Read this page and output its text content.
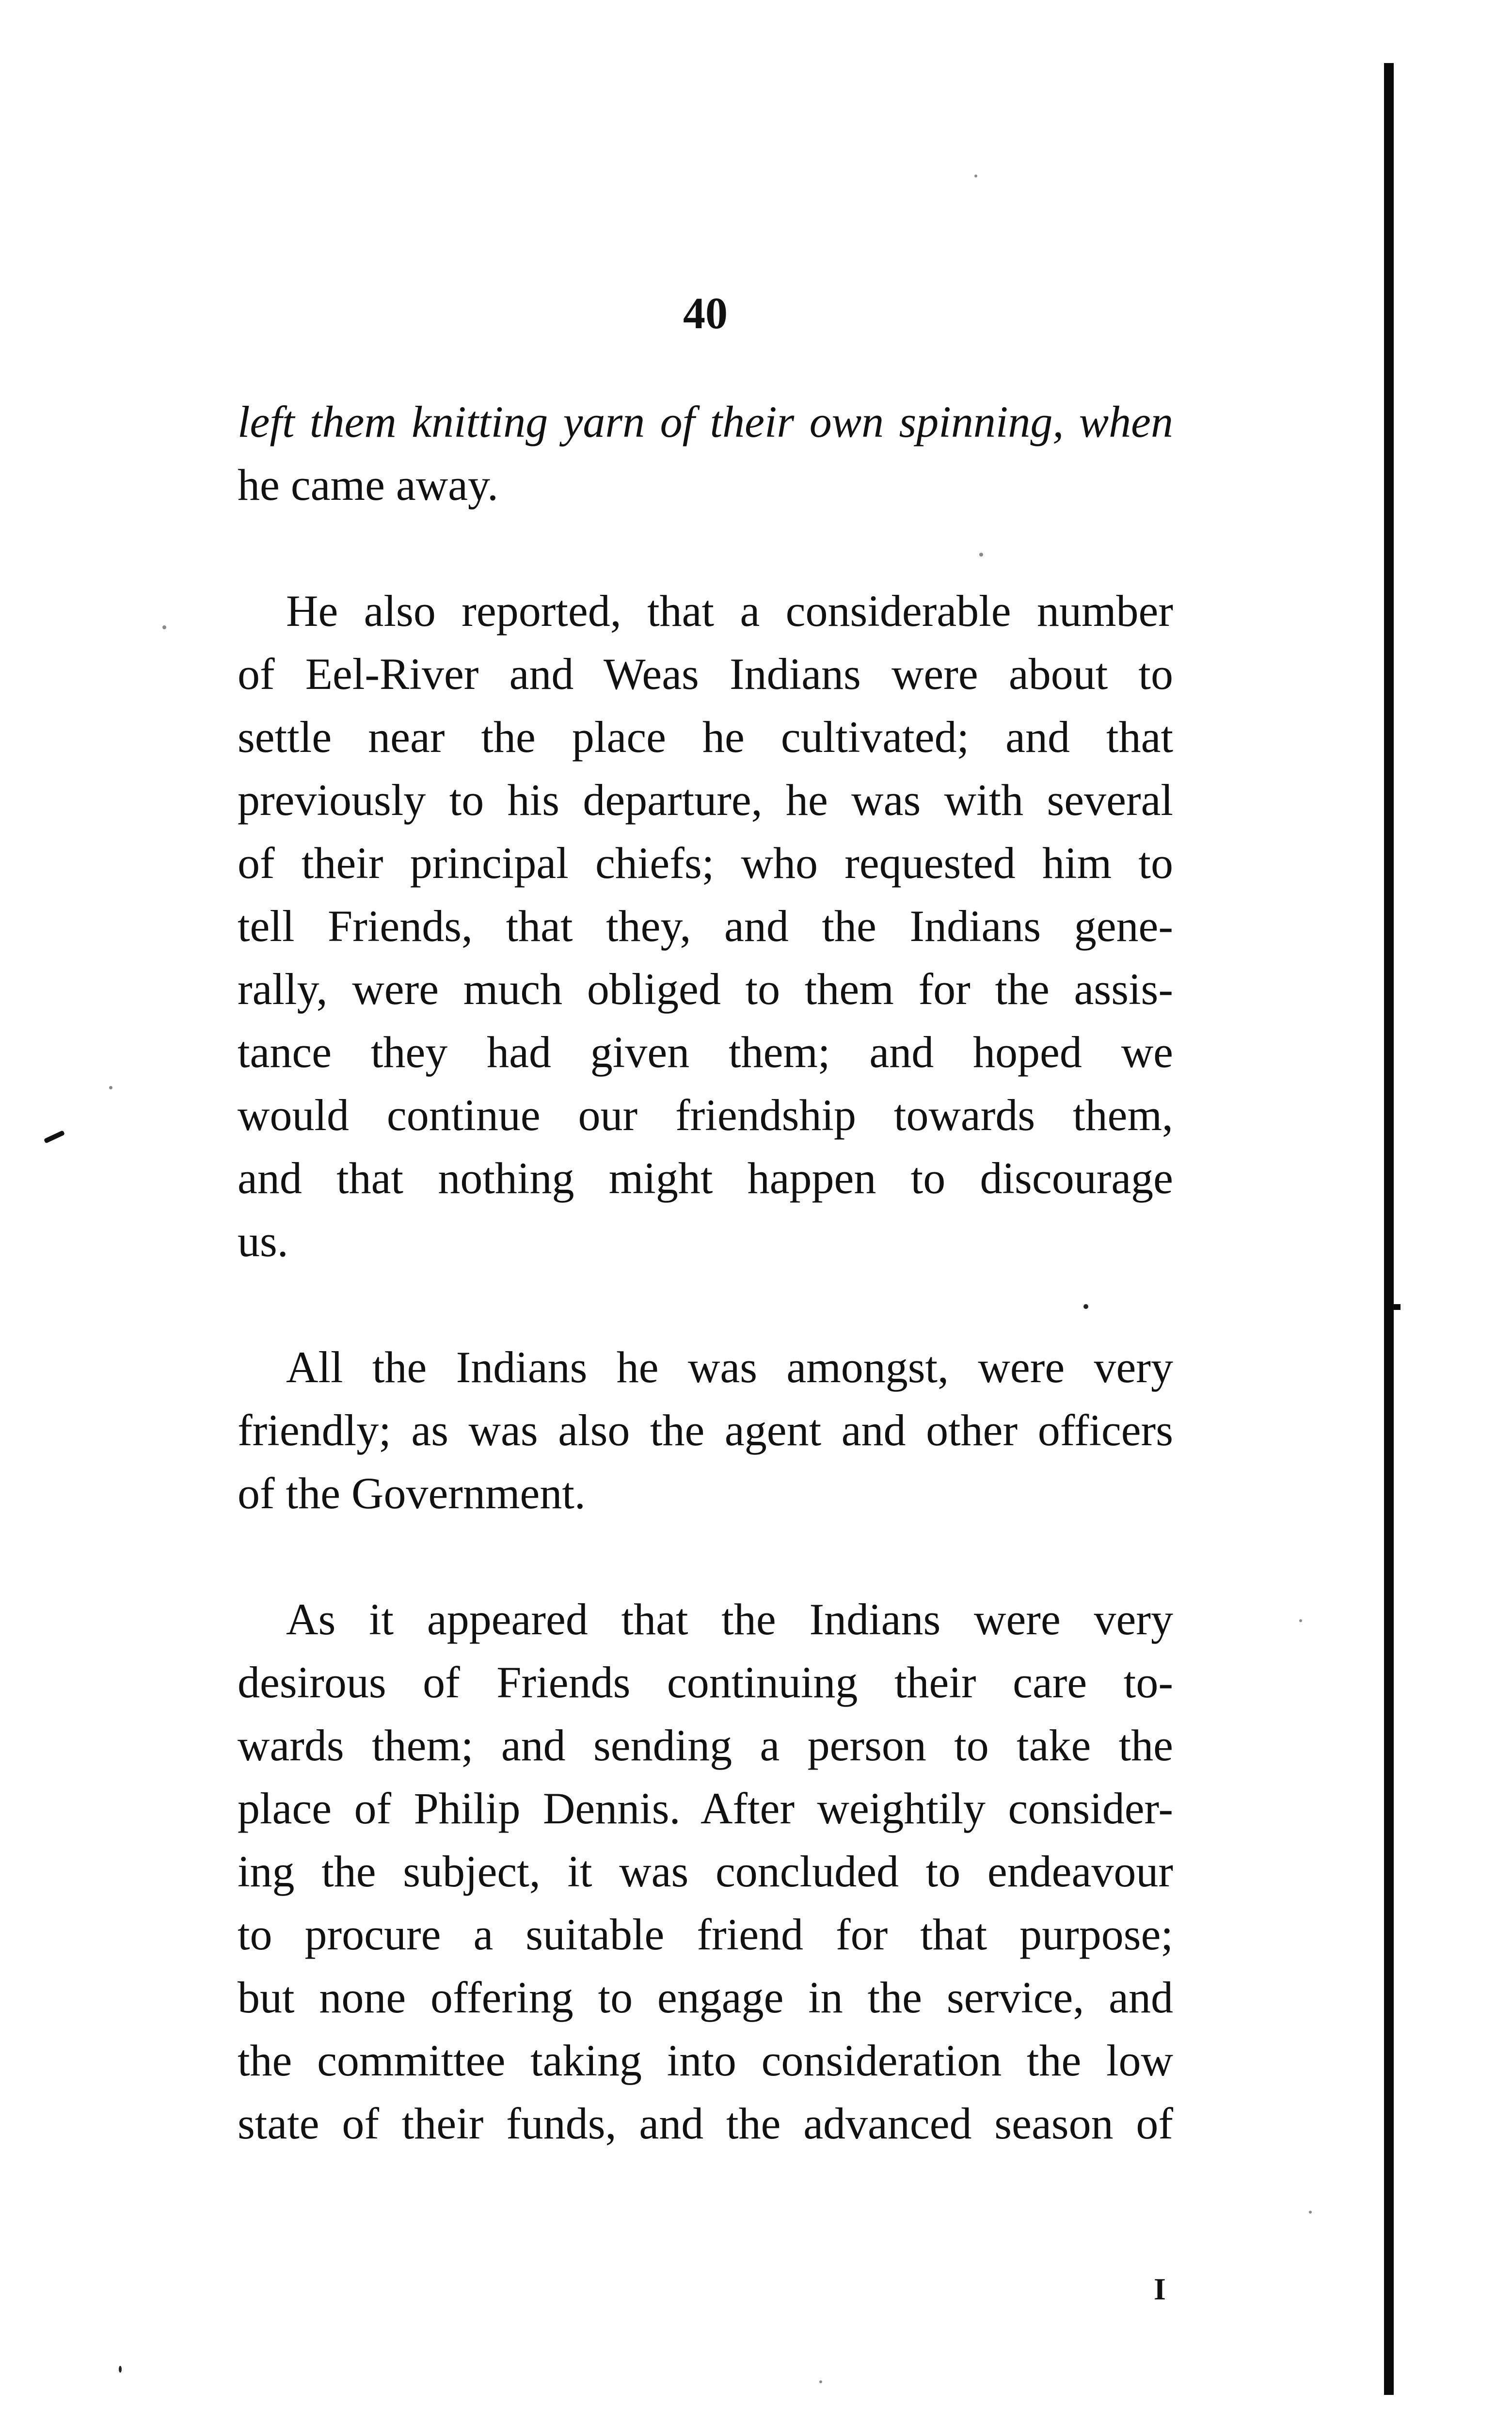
40
left them knitting yarn of their own spinning, when
he came away.
He also reported, that a considerable number
of Eel-River and Weas Indians were about to
settle near the place he cultivated; and that
previously to his departure, he was with several
of their principal chiefs; who requested him to
tell Friends, that they, and the Indians gene-
rally, were much obliged to them for the assis-
tance they had given them; and hoped we
would continue our friendship towards them,
and that nothing might happen to discourage
us.
All the Indians he was amongst, were very
friendly; as was also the agent and other officers
of the Government.
As it appeared that the Indians were very
desirous of Friends continuing their care to-
wards them; and sending a person to take the
place of Philip Dennis. After weightily consider-
ing the subject, it was concluded to endeavour
to procure a suitable friend for that purpose;
but none offering to engage in the service, and
the committee taking into consideration the low
state of their funds, and the advanced season of
I
